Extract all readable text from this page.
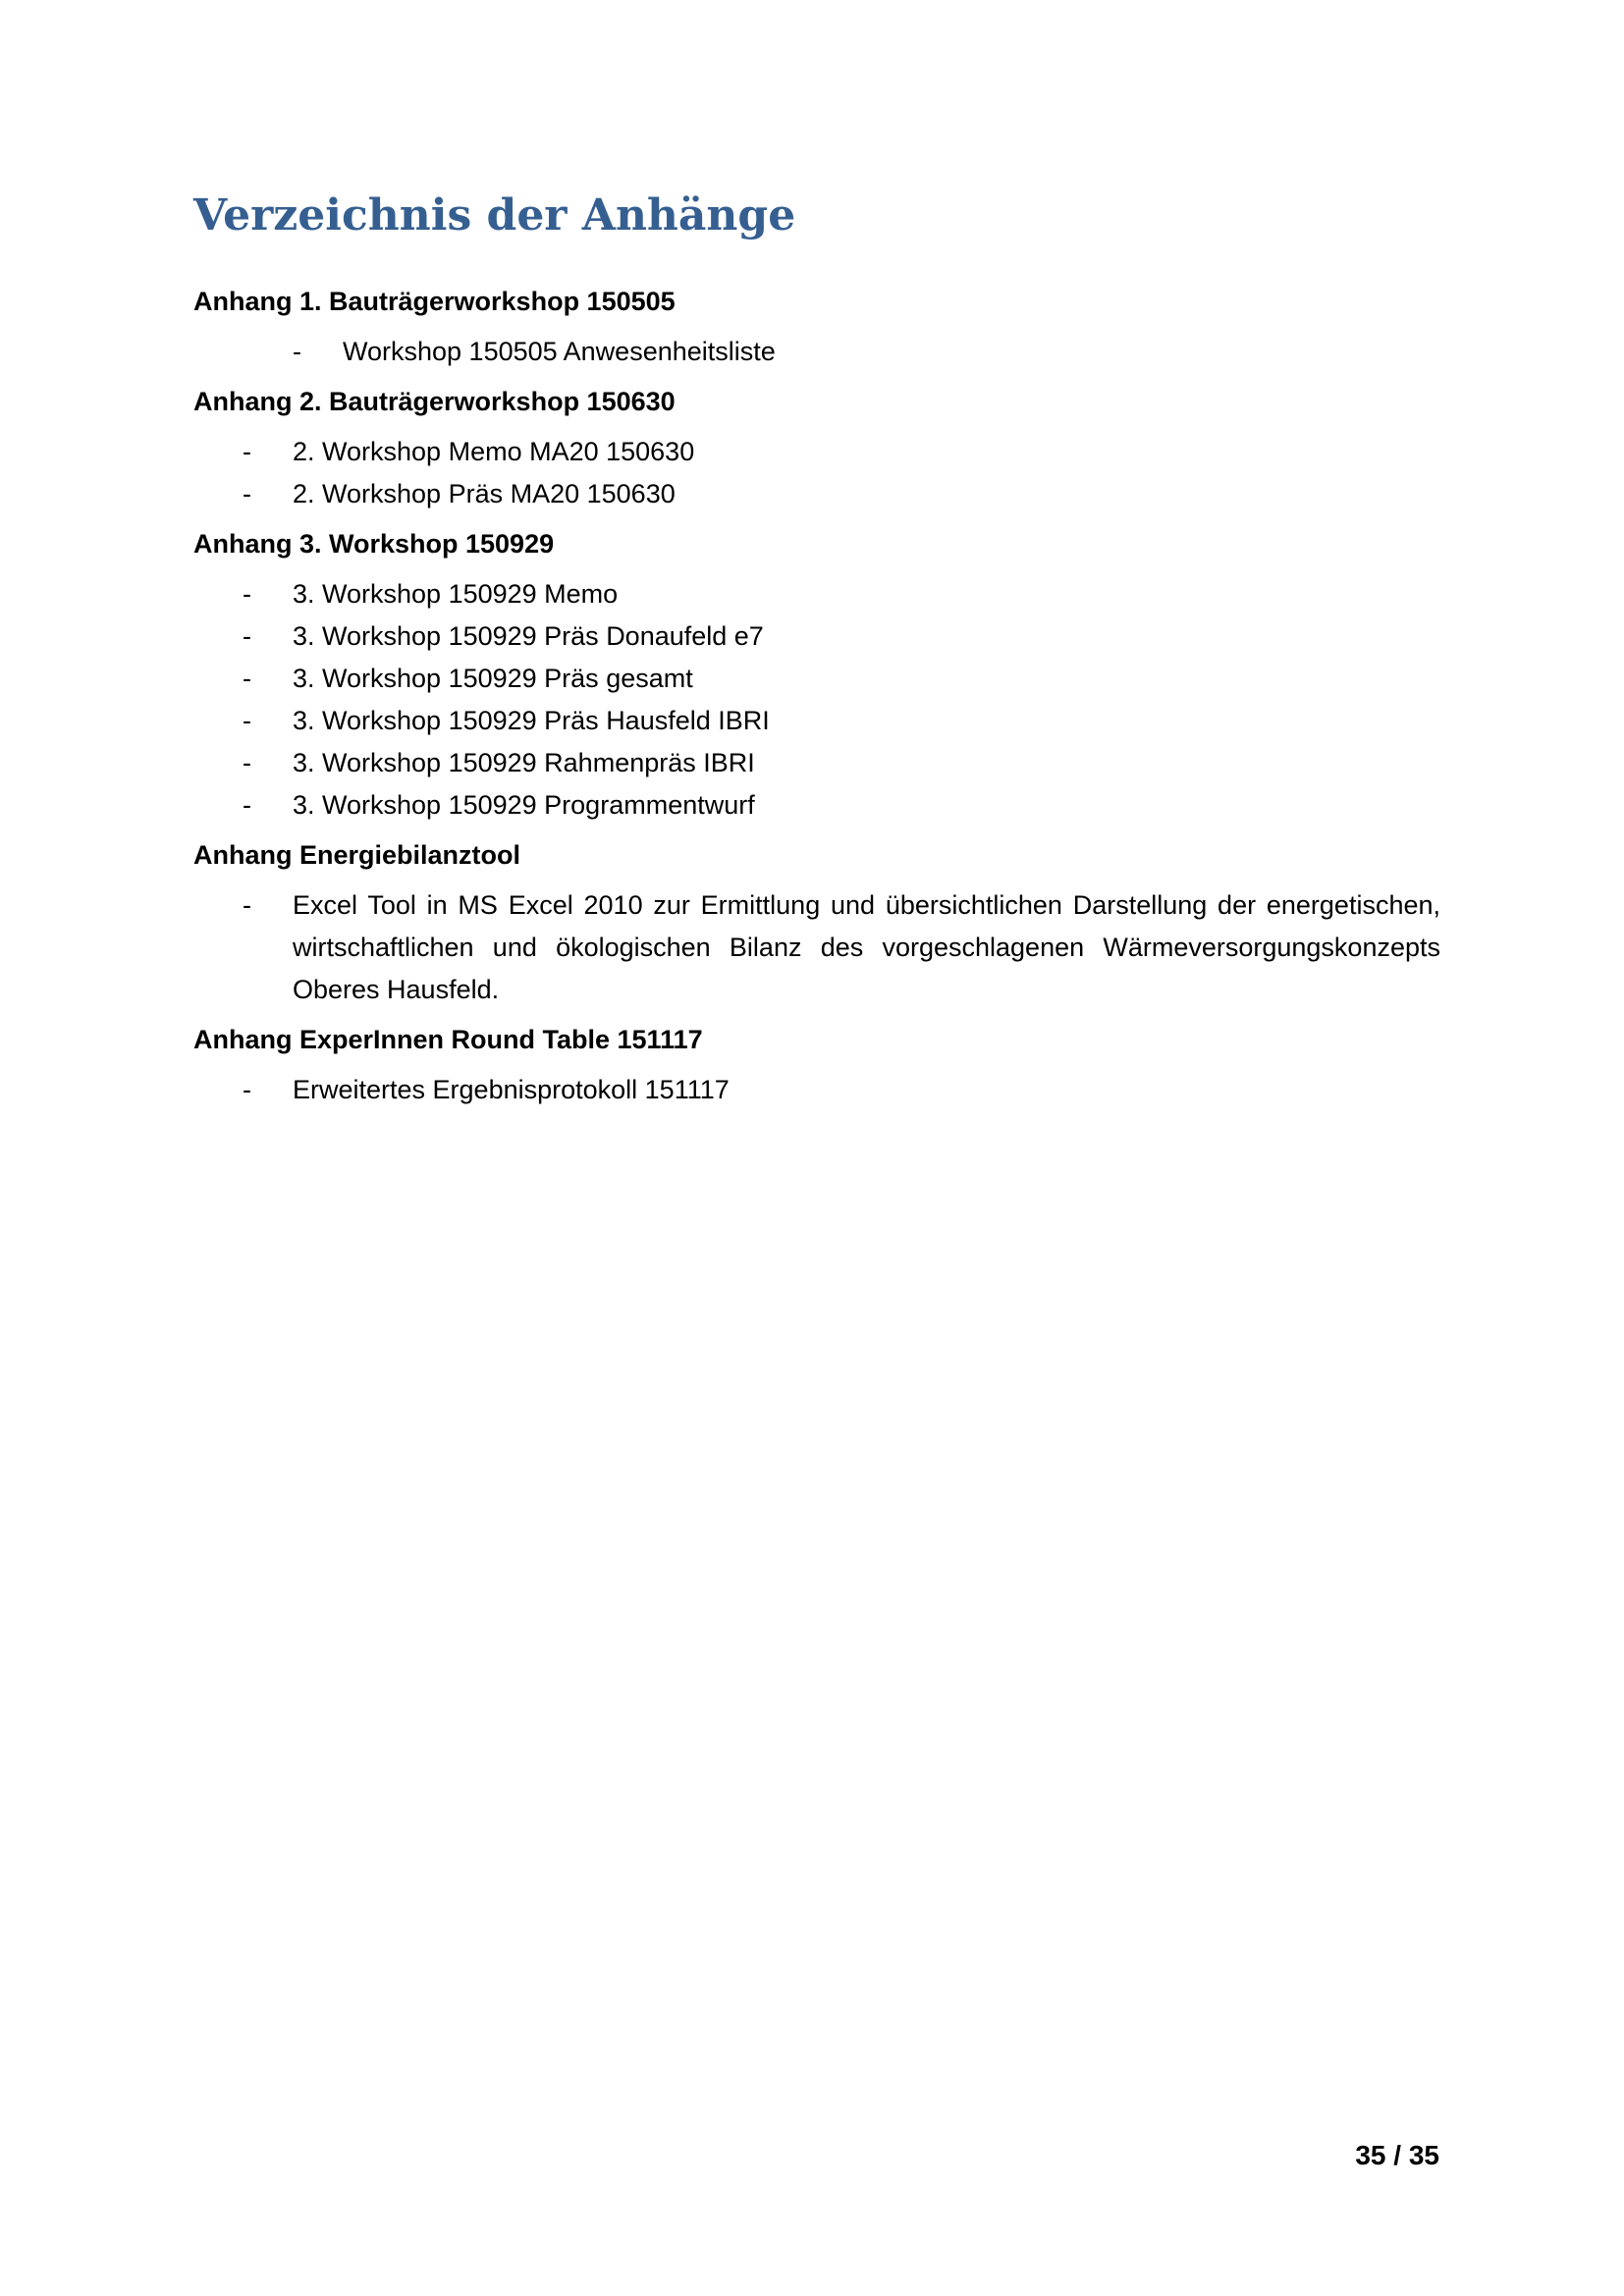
Verzeichnis der Anhänge
Anhang 1. Bauträgerworkshop 150505
- Workshop 150505 Anwesenheitsliste
Anhang 2. Bauträgerworkshop 150630
- 2. Workshop Memo MA20 150630
- 2. Workshop Präs MA20 150630
Anhang 3. Workshop 150929
- 3. Workshop 150929 Memo
- 3. Workshop 150929 Präs Donaufeld e7
- 3. Workshop 150929 Präs gesamt
- 3. Workshop 150929 Präs Hausfeld IBRI
- 3. Workshop 150929 Rahmenpräs IBRI
- 3. Workshop 150929 Programmentwurf
Anhang Energiebilanztool
- Excel Tool in MS Excel 2010 zur Ermittlung und übersichtlichen Darstellung der energetischen, wirtschaftlichen und ökologischen Bilanz des vorgeschlagenen Wärmeversorgungskonzepts Oberes Hausfeld.
Anhang ExperInnen Round Table 151117
- Erweitertes Ergebnisprotokoll 151117
35 / 35
